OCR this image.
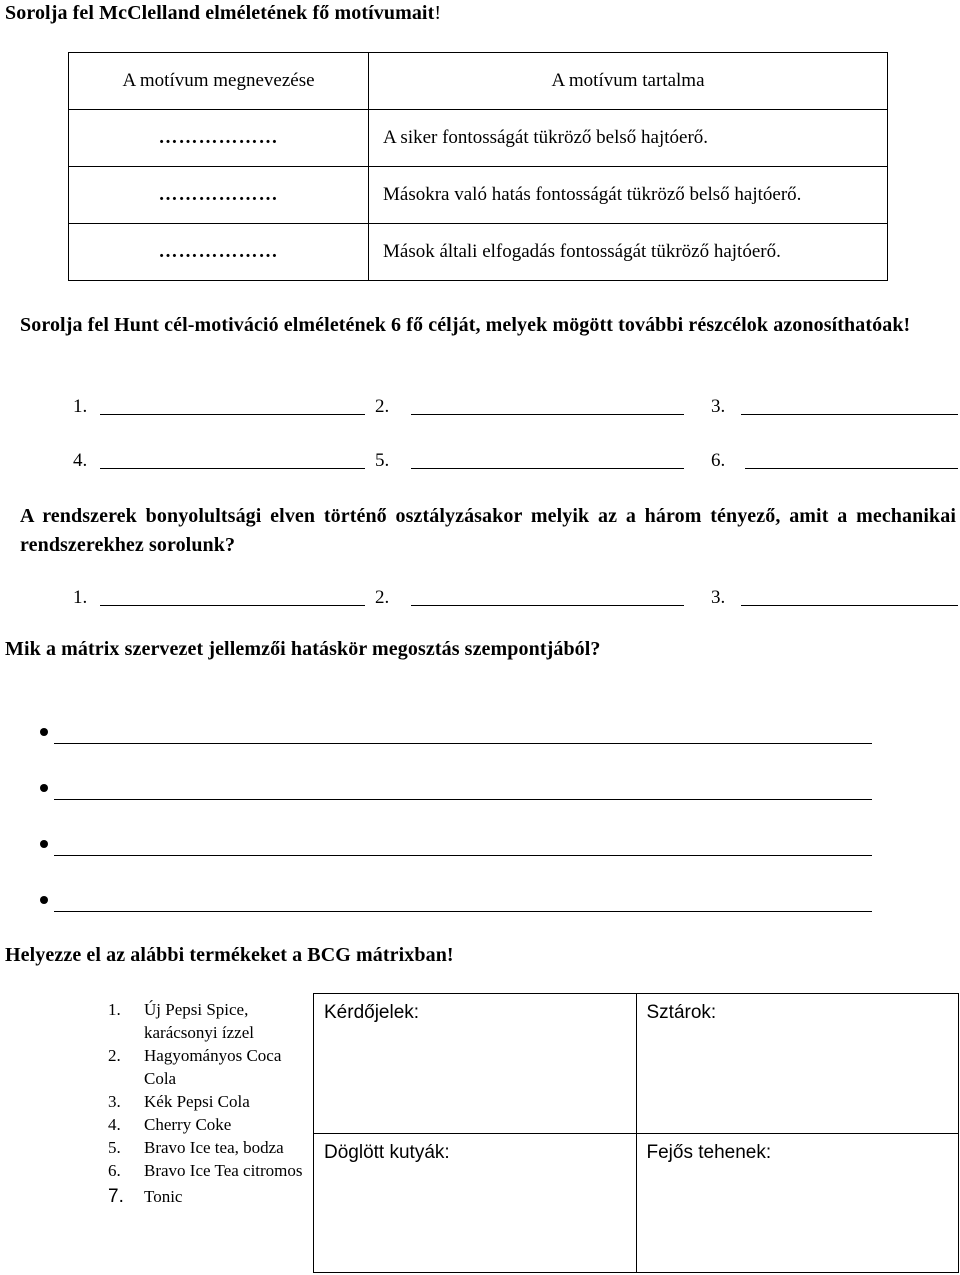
Sorolja fel McClelland elméletének fő motívumait!
A motívum megnevezése	A motívum tartalma
………………	A siker fontosságát tükröző belső hajtóerő.
………………	Másokra való hatás fontosságát tükröző belső hajtóerő.
………………	Mások általi elfogadás fontosságát tükröző hajtóerő.
Sorolja fel Hunt cél-motiváció elméletének 6 fő célját, melyek mögött további részcélok azonosíthatóak!
1.	2.	3.
4.	5.	6.
A rendszerek bonyolultsági elven történő osztályzásakor melyik az a három tényező, amit a mechanikai rendszerekhez sorolunk?
1.	2.	3.
Mik a mátrix szervezet jellemzői hatáskör megosztás szempontjából?
Helyezze el az alábbi termékeket a BCG mátrixban!
1.	Új Pepsi Spice, karácsonyi ízzel
2.	Hagyományos Coca Cola
3.	Kék Pepsi Cola
4.	Cherry Coke
5.	Bravo Ice tea, bodza
6.	Bravo Ice Tea citromos
7.	Tonic
Kérdőjelek:	Sztárok:
Döglött kutyák:	Fejős tehenek:
